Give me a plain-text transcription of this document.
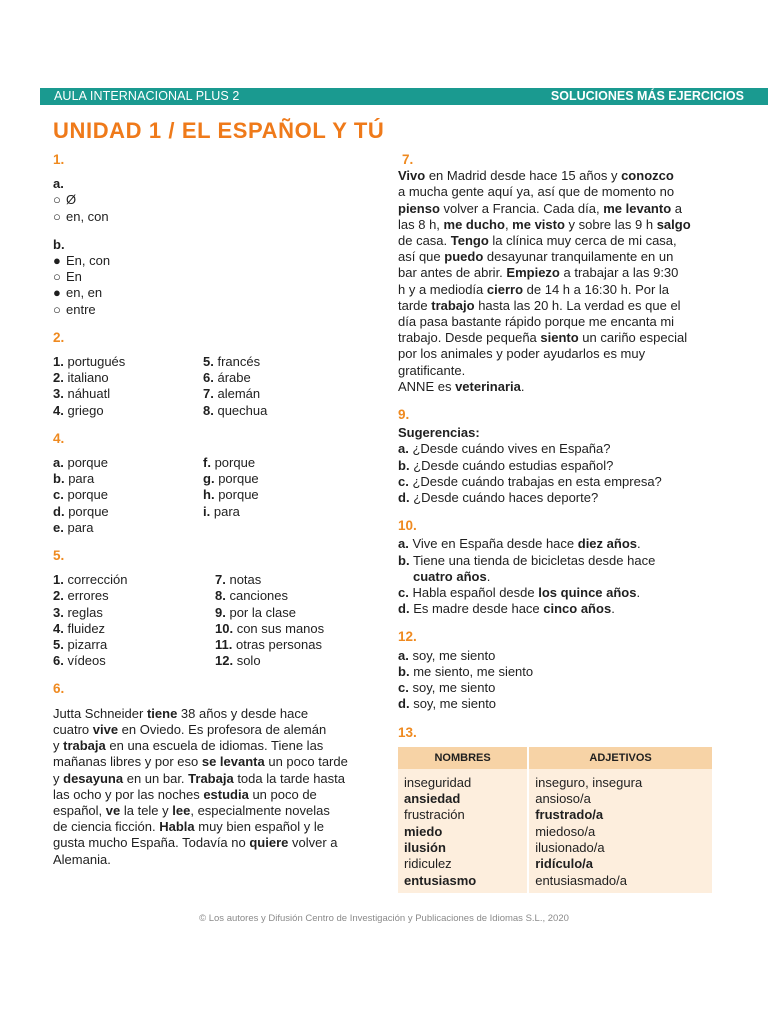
AULA INTERNACIONAL PLUS 2	SOLUCIONES MÁS EJERCICIOS
UNIDAD 1 / EL ESPAÑOL Y TÚ
1.
a.
○ Ø
○ en, con
b.
● En, con
○ En
● en, en
○ entre
2.
1. portugués	5. francés
2. italiano	6. árabe
3. náhuatl	7. alemán
4. griego	8. quechua
4.
a. porque	f. porque
b. para	g. porque
c. porque	h. porque
d. porque	i. para
e. para
5.
1. corrección	7. notas
2. errores	8. canciones
3. reglas	9. por la clase
4. fluidez	10. con sus manos
5. pizarra	11. otras personas
6. vídeos	12. solo
6.
Jutta Schneider tiene 38 años y desde hace
cuatro vive en Oviedo. Es profesora de alemán
y trabaja en una escuela de idiomas. Tiene las
mañanas libres y por eso se levanta un poco tarde
y desayuna en un bar. Trabaja toda la tarde hasta
las ocho y por las noches estudia un poco de
español, ve la tele y lee, especialmente novelas
de ciencia ficción. Habla muy bien español y le
gusta mucho España. Todavía no quiere volver a
Alemania.
7.
Vivo en Madrid desde hace 15 años y conozco
a mucha gente aquí ya, así que de momento no
pienso volver a Francia. Cada día, me levanto a
las 8 h, me ducho, me visto y sobre las 9 h salgo
de casa. Tengo la clínica muy cerca de mi casa,
así que puedo desayunar tranquilamente en un
bar antes de abrir. Empiezo a trabajar a las 9:30
h y a mediodía cierro de 14 h a 16:30 h. Por la
tarde trabajo hasta las 20 h. La verdad es que el
día pasa bastante rápido porque me encanta mi
trabajo. Desde pequeña siento un cariño especial
por los animales y poder ayudarlos es muy
gratificante.
ANNE es veterinaria.
9.
Sugerencias:
a. ¿Desde cuándo vives en España?
b. ¿Desde cuándo estudias español?
c. ¿Desde cuándo trabajas en esta empresa?
d. ¿Desde cuándo haces deporte?
10.
a. Vive en España desde hace diez años.
b. Tiene una tienda de bicicletas desde hace
cuatro años.
c. Habla español desde los quince años.
d. Es madre desde hace cinco años.
12.
a. soy, me siento
b. me siento, me siento
c. soy, me siento
d. soy, me siento
13.
NOMBRES	ADJETIVOS
inseguridad	inseguro, insegura
ansiedad	ansioso/a
frustración	frustrado/a
miedo	miedoso/a
ilusión	ilusionado/a
ridiculez	ridículo/a
entusiasmo	entusiasmado/a
© Los autores y Difusión Centro de Investigación y Publicaciones de Idiomas S.L., 2020
